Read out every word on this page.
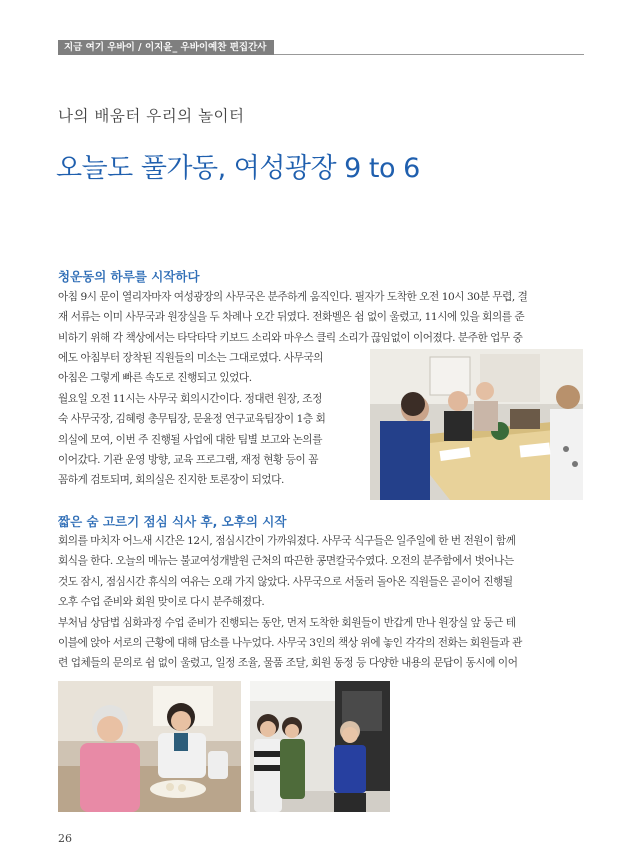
지금 여기 우바이 / 이지윤_ 우바이예찬 편집간사
나의 배움터 우리의 놀이터
오늘도 풀가동, 여성광장 9 to 6
청운동의 하루를 시작하다
아침 9시 문이 열리자마자 여성광장의 사무국은 분주하게 움직인다. 필자가 도착한 오전 10시 30분 무렵, 결
재 서류는 이미 사무국과 원장실을 두 차례나 오간 뒤였다. 전화벨은 쉼 없이 울렸고, 11시에 있을 회의를 준
비하기 위해 각 책상에서는 타닥타닥 키보드 소리와 마우스 클릭 소리가 끊임없이 이어졌다. 분주한 업무 중
에도 아침부터 장착된 직원들의 미소는 그대로였다. 사무국의
아침은 그렇게 빠른 속도로 진행되고 있었다.
월요일 오전 11시는 사무국 회의시간이다. 정대련 원장, 조정
숙 사무국장, 김혜령 총무팀장, 문윤정 연구교육팀장이 1층 회
의실에 모여, 이번 주 진행될 사업에 대한 팀별 보고와 논의를
이어갔다. 기관 운영 방향, 교육 프로그램, 재정 현황 등이 꼼
꼼하게 검토되며, 회의실은 진지한 토론장이 되었다.
짧은 숨 고르기 점심 식사 후, 오후의 시작
회의를 마치자 어느새 시간은 12시, 점심시간이 가까워졌다. 사무국 식구들은 일주일에 한 번 전원이 함께
회식을 한다. 오늘의 메뉴는 불교여성개발원 근처의 따끈한 콩면칼국수였다. 오전의 분주함에서 벗어나는
것도 잠시, 점심시간 휴식의 여유는 오래 가지 않았다. 사무국으로 서둘러 돌아온 직원들은 곧이어 진행될
오후 수업 준비와 회원 맞이로 다시 분주해졌다.
부처님 상담법 심화과정 수업 준비가 진행되는 동안, 먼저 도착한 회원들이 반갑게 만나 원장실 앞 둥근 테
이블에 앉아 서로의 근황에 대해 담소를 나누었다. 사무국 3인의 책상 위에 놓인 각각의 전화는 회원들과 관
련 업체들의 문의로 쉼 없이 울렸고, 일정 조율, 물품 조달, 회원 동정 등 다양한 내용의 문답이 동시에 이어
26
